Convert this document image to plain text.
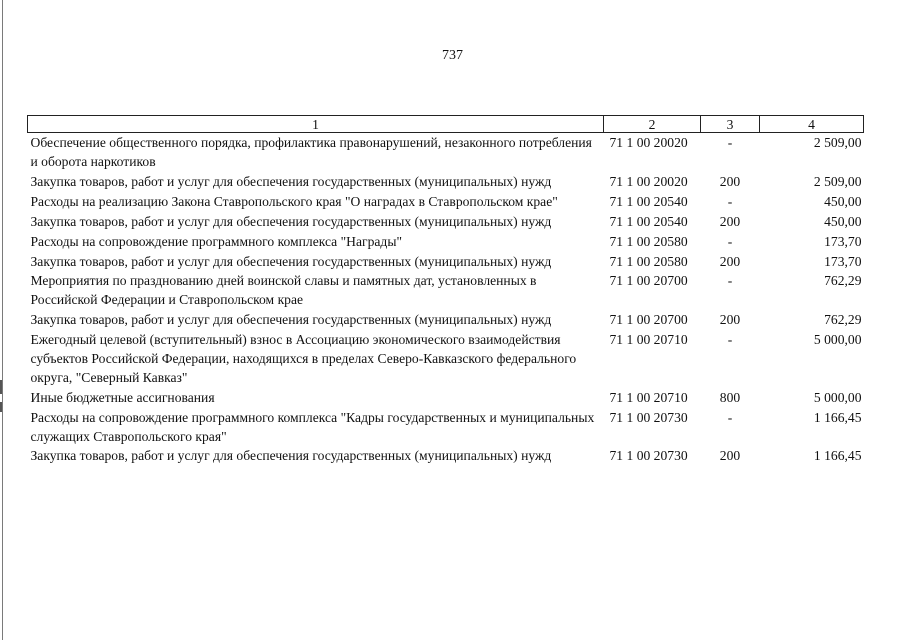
737
1	2	3	4
Обеспечение общественного порядка, профилактика правонарушений, незаконного потребления и оборота наркотиков	71 1 00 20020	-	2 509,00
Закупка товаров, работ и услуг для обеспечения государственных (муниципальных) нужд	71 1 00 20020	200	2 509,00
Расходы на реализацию Закона Ставропольского края "О наградах в Ставропольском крае"	71 1 00 20540	-	450,00
Закупка товаров, работ и услуг для обеспечения государственных (муниципальных) нужд	71 1 00 20540	200	450,00
Расходы на сопровождение программного комплекса "Награды"	71 1 00 20580	-	173,70
Закупка товаров, работ и услуг для обеспечения государственных (муниципальных) нужд	71 1 00 20580	200	173,70
Мероприятия по празднованию дней воинской славы и памятных дат, установленных в Российской Федерации и Ставропольском крае	71 1 00 20700	-	762,29
Закупка товаров, работ и услуг для обеспечения государственных (муниципальных) нужд	71 1 00 20700	200	762,29
Ежегодный целевой (вступительный) взнос в Ассоциацию экономического взаимодействия субъектов Российской Федерации, находящихся в пределах Северо-Кавказского федерального округа, "Северный Кавказ"	71 1 00 20710	-	5 000,00
Иные бюджетные ассигнования	71 1 00 20710	800	5 000,00
Расходы на сопровождение программного комплекса "Кадры государственных и муниципальных служащих Ставропольского края"	71 1 00 20730	-	1 166,45
Закупка товаров, работ и услуг для обеспечения государственных (муниципальных) нужд	71 1 00 20730	200	1 166,45
